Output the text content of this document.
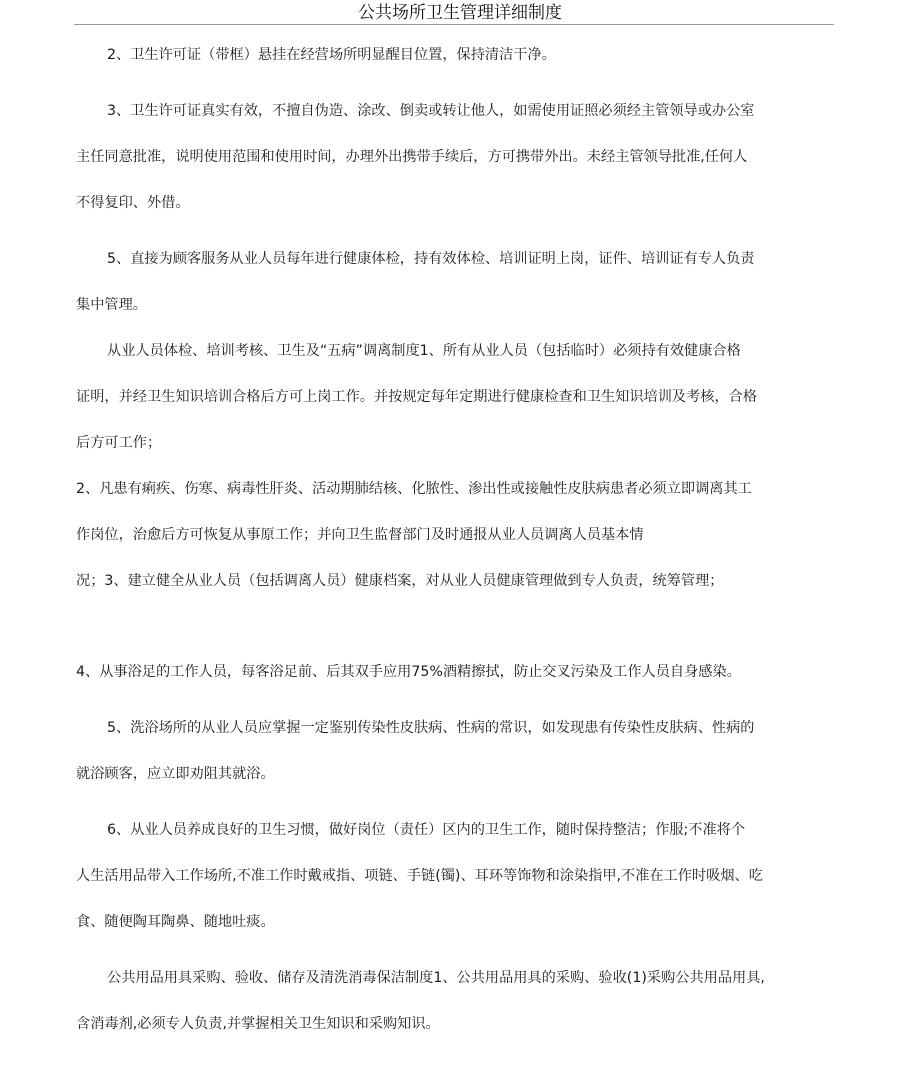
公共场所卫生管理详细制度
2、卫生许可证（带框）悬挂在经营场所明显醒目位置，保持清洁干净。
3、卫生许可证真实有效，不擅自伪造、涂改、倒卖或转让他人，如需使用证照必须经主管领导或办公室
主任同意批准，说明使用范围和使用时间，办理外出携带手续后，方可携带外出。未经主管领导批准,任何人
不得复印、外借。
5、直接为顾客服务从业人员每年进行健康体检，持有效体检、培训证明上岗，证件、培训证有专人负责
集中管理。
从业人员体检、培训考核、卫生及“五病”调离制度1、所有从业人员（包括临时）必须持有效健康合格
证明，并经卫生知识培训合格后方可上岗工作。并按规定每年定期进行健康检查和卫生知识培训及考核，合格
后方可工作；
2、凡患有痢疾、伤寒、病毒性肝炎、活动期肺结核、化脓性、渗出性或接触性皮肤病患者必须立即调离其工
作岗位，治愈后方可恢复从事原工作；并向卫生监督部门及时通报从业人员调离人员基本情
况；3、建立健全从业人员（包括调离人员）健康档案，对从业人员健康管理做到专人负责，统筹管理；
4、从事浴足的工作人员，每客浴足前、后其双手应用75%酒精擦拭，防止交叉污染及工作人员自身感染。
5、洗浴场所的从业人员应掌握一定鉴别传染性皮肤病、性病的常识，如发现患有传染性皮肤病、性病的
就浴顾客，应立即劝阻其就浴。
6、从业人员养成良好的卫生习惯，做好岗位（责任）区内的卫生工作，随时保持整洁；作服;不准将个
人生活用品带入工作场所,不准工作时戴戒指、项链、手链(镯)、耳环等饰物和涂染指甲,不准在工作时吸烟、吃
食、随便陶耳陶鼻、随地吐痰。
公共用品用具采购、验收、储存及清洗消毒保洁制度1、公共用品用具的采购、验收(1)采购公共用品用具,
含消毒剂,必须专人负责,并掌握相关卫生知识和采购知识。
